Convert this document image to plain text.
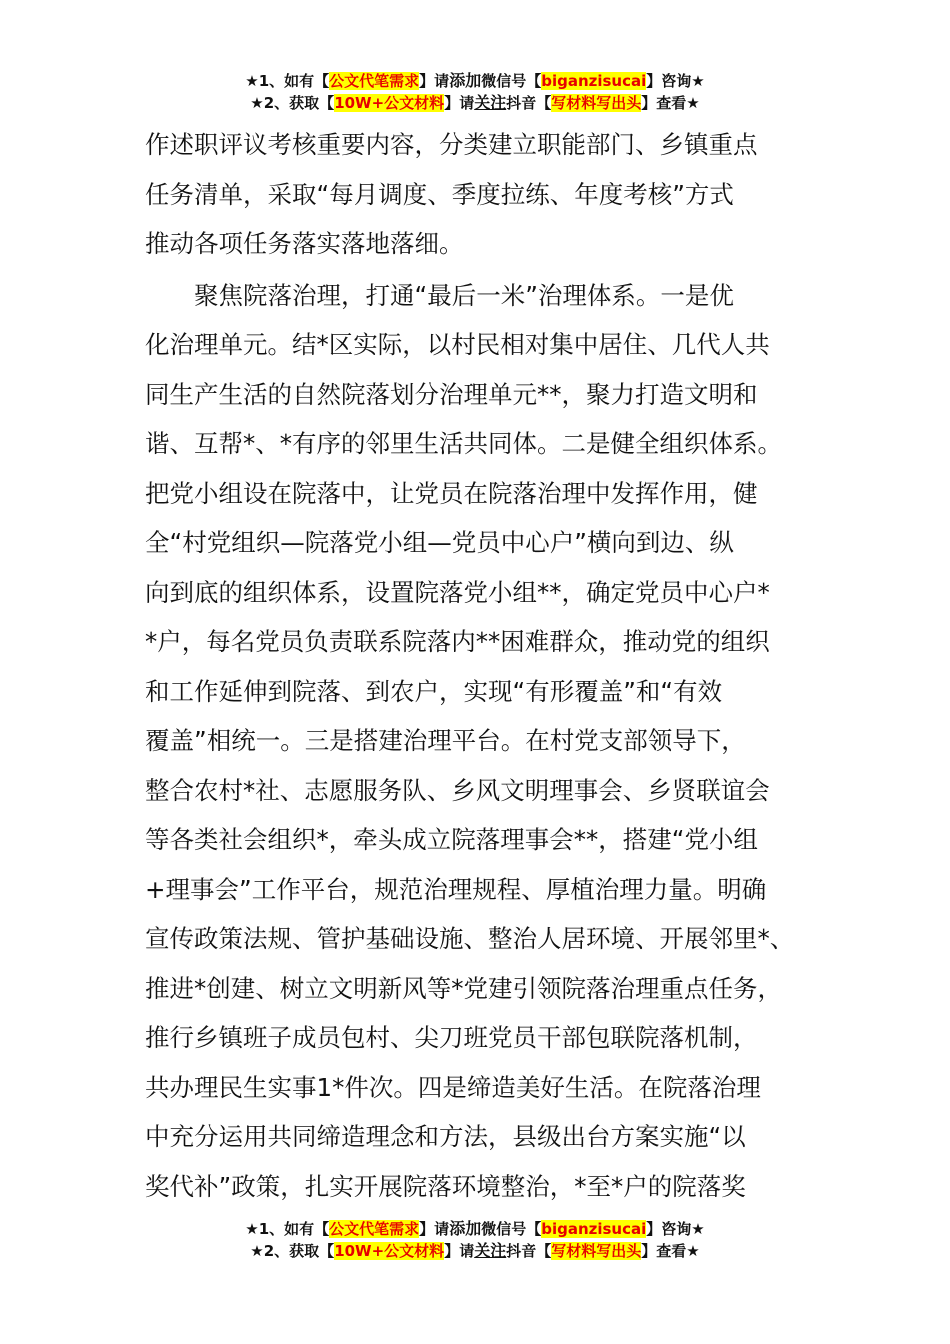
★1、如有【公文代笔需求】请添加微信号【biganzisucai】咨询★
★2、获取【10W+公文材料】请关注抖音【写材料写出头】查看★

作述职评议考核重要内容，分类建立职能部门、乡镇重点
任务清单，采取“每月调度、季度拉练、年度考核”方式
推动各项任务落实落地落细。

聚焦院落治理，打通“最后一米”治理体系。一是优
化治理单元。结*区实际，以村民相对集中居住、几代人共
同生产生活的自然院落划分治理单元**，聚力打造文明和
谐、互帮*、*有序的邻里生活共同体。二是健全组织体系。
把党小组设在院落中，让党员在院落治理中发挥作用，健
全“村党组织—院落党小组—党员中心户”横向到边、纵
向到底的组织体系，设置院落党小组**，确定党员中心户*
*户，每名党员负责联系院落内**困难群众，推动党的组织
和工作延伸到院落、到农户，实现“有形覆盖”和“有效
覆盖”相统一。三是搭建治理平台。在村党支部领导下，
整合农村*社、志愿服务队、乡风文明理事会、乡贤联谊会
等各类社会组织*，牵头成立院落理事会**，搭建“党小组
+理事会”工作平台，规范治理规程、厚植治理力量。明确
宣传政策法规、管护基础设施、整治人居环境、开展邻里*、
推进*创建、树立文明新风等*党建引领院落治理重点任务，
推行乡镇班子成员包村、尖刀班党员干部包联院落机制，
共办理民生实事1*件次。四是缔造美好生活。在院落治理
中充分运用共同缔造理念和方法，县级出台方案实施“以
奖代补”政策，扎实开展院落环境整治，*至*户的院落奖

★1、如有【公文代笔需求】请添加微信号【biganzisucai】咨询★
★2、获取【10W+公文材料】请关注抖音【写材料写出头】查看★
